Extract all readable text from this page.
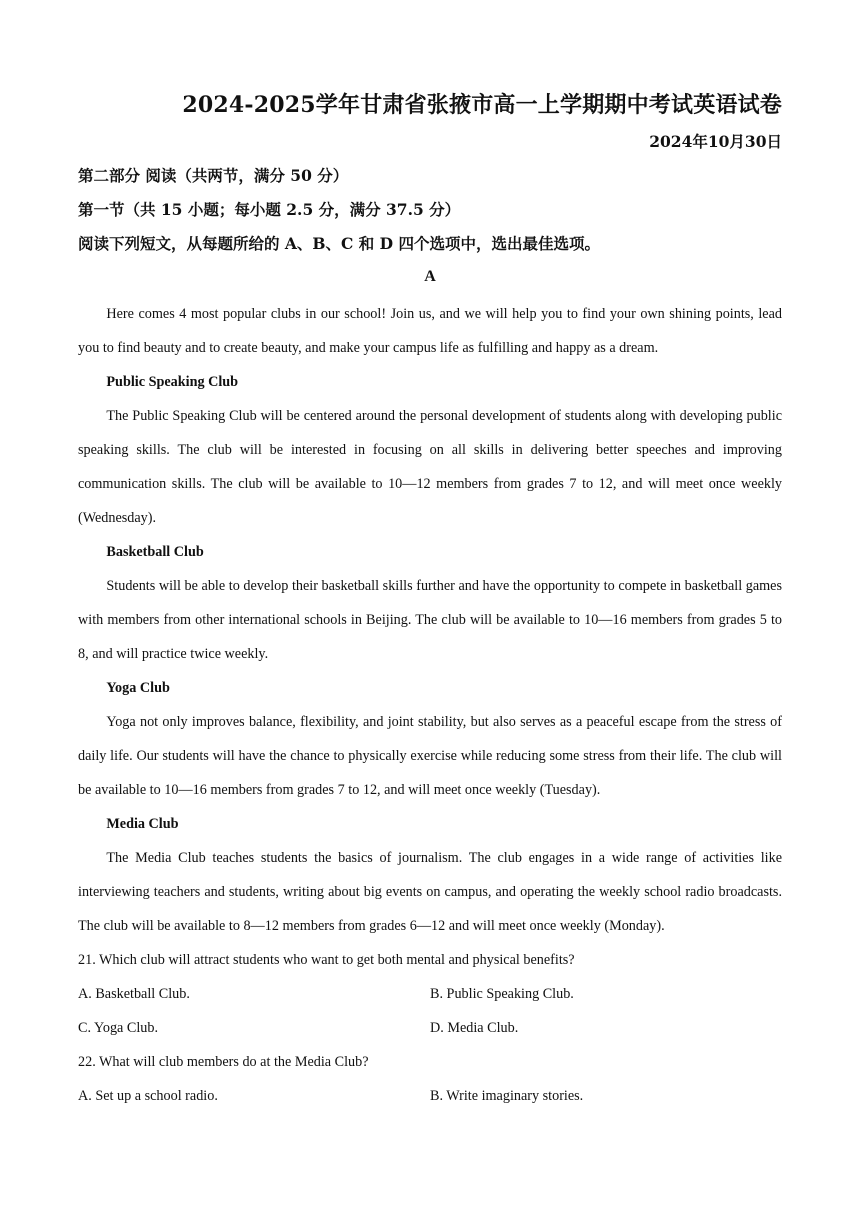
2024-2025学年甘肃省张掖市高一上学期期中考试英语试卷
2024年10月30日
第二部分 阅读（共两节，满分 50 分）
第一节（共 15 小题；每小题 2.5 分，满分 37.5 分）
阅读下列短文，从每题所给的 A、B、C 和 D 四个选项中，选出最佳选项。
A

Here comes 4 most popular clubs in our school! Join us, and we will help you to find your own shining points, lead you to find beauty and to create beauty, and make your campus life as fulfilling and happy as a dream.

Public Speaking Club

The Public Speaking Club will be centered around the personal development of students along with developing public speaking skills. The club will be interested in focusing on all skills in delivering better speeches and improving communication skills. The club will be available to 10—12 members from grades 7 to 12, and will meet once weekly (Wednesday).

Basketball Club

Students will be able to develop their basketball skills further and have the opportunity to compete in basketball games with members from other international schools in Beijing. The club will be available to 10—16 members from grades 5 to 8, and will practice twice weekly.

Yoga Club

Yoga not only improves balance, flexibility, and joint stability, but also serves as a peaceful escape from the stress of daily life. Our students will have the chance to physically exercise while reducing some stress from their life. The club will be available to 10—16 members from grades 7 to 12, and will meet once weekly (Tuesday).

Media Club

The Media Club teaches students the basics of journalism. The club engages in a wide range of activities like interviewing teachers and students, writing about big events on campus, and operating the weekly school radio broadcasts. The club will be available to 8—12 members from grades 6—12 and will meet once weekly (Monday).

21. Which club will attract students who want to get both mental and physical benefits?

A. Basketball Club.	B. Public Speaking Club.
C. Yoga Club.	D. Media Club.

22. What will club members do at the Media Club?

A. Set up a school radio.	B. Write imaginary stories.
